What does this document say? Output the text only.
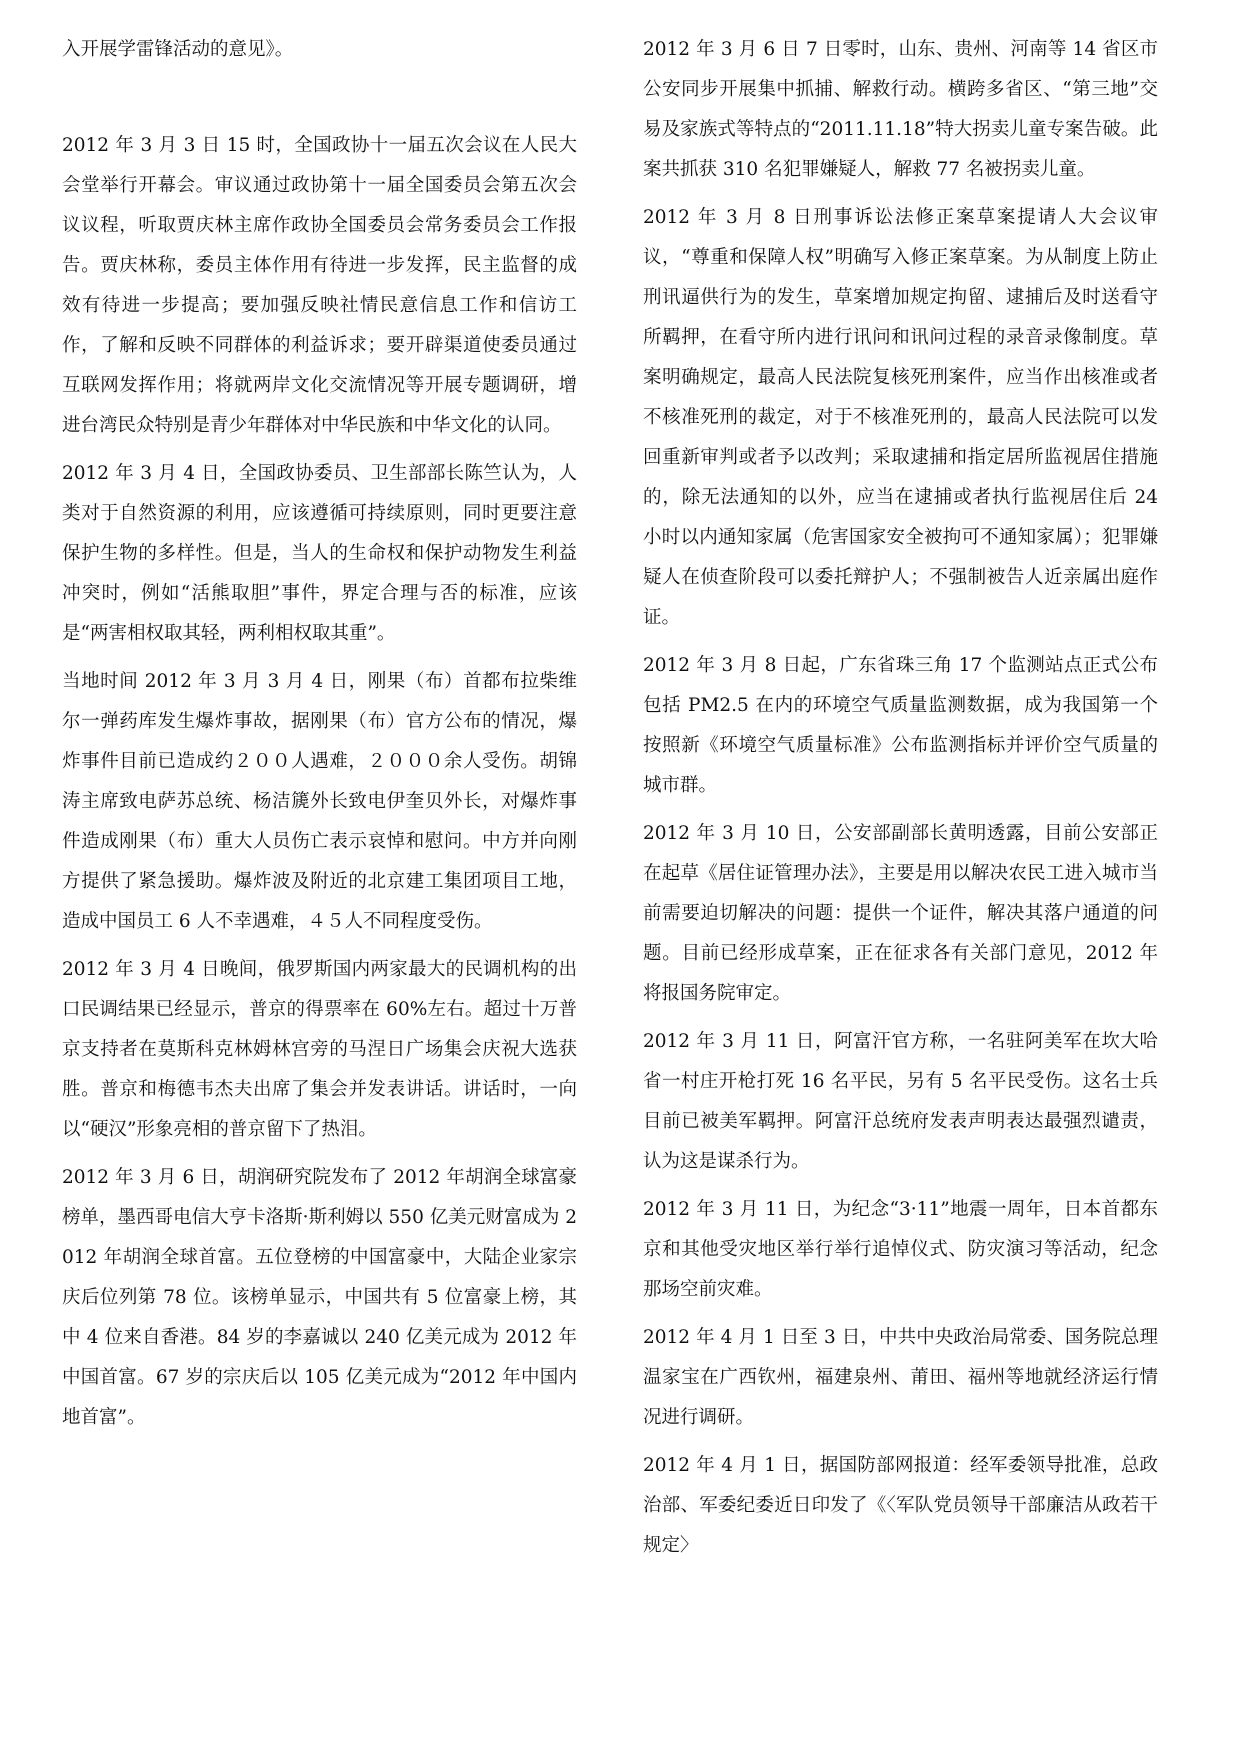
入开展学雷锋活动的意见》。

2012 年 3 月 3 日 15 时，全国政协十一届五次会议在人民大会堂举行开幕会。审议通过政协第十一届全国委员会第五次会议议程，听取贾庆林主席作政协全国委员会常务委员会工作报告。贾庆林称，委员主体作用有待进一步发挥，民主监督的成效有待进一步提高；要加强反映社情民意信息工作和信访工作，了解和反映不同群体的利益诉求；要开辟渠道使委员通过互联网发挥作用；将就两岸文化交流情况等开展专题调研，增进台湾民众特别是青少年群体对中华民族和中华文化的认同。

2012 年 3 月 4 日，全国政协委员、卫生部部长陈竺认为，人类对于自然资源的利用，应该遵循可持续原则，同时更要注意保护生物的多样性。但是，当人的生命权和保护动物发生利益冲突时，例如“活熊取胆”事件，界定合理与否的标准，应该是“两害相权取其轻，两利相权取其重”。

当地时间 2012 年 3 月 3 月 4 日，刚果（布）首都布拉柴维尔一弹药库发生爆炸事故，据刚果（布）官方公布的情况，爆炸事件目前已造成约２００人遇难，２０００余人受伤。胡锦涛主席致电萨苏总统、杨洁篪外长致电伊奎贝外长，对爆炸事件造成刚果（布）重大人员伤亡表示哀悼和慰问。中方并向刚方提供了紧急援助。爆炸波及附近的北京建工集团项目工地，造成中国员工 6 人不幸遇难，４５人不同程度受伤。

2012 年 3 月 4 日晚间，俄罗斯国内两家最大的民调机构的出口民调结果已经显示，普京的得票率在 60%左右。超过十万普京支持者在莫斯科克林姆林宫旁的马涅日广场集会庆祝大选获胜。普京和梅德韦杰夫出席了集会并发表讲话。讲话时，一向以“硬汉”形象亮相的普京留下了热泪。

2012 年 3 月 6 日，胡润研究院发布了 2012 年胡润全球富豪榜单，墨西哥电信大亨卡洛斯·斯利姆以 550 亿美元财富成为 2012 年胡润全球首富。五位登榜的中国富豪中，大陆企业家宗庆后位列第 78 位。该榜单显示，中国共有 5 位富豪上榜，其中 4 位来自香港。84 岁的李嘉诚以 240 亿美元成为 2012 年中国首富。67 岁的宗庆后以 105 亿美元成为“2012 年中国内地首富”。

2012 年 3 月 6 日 7 日零时，山东、贵州、河南等 14 省区市公安同步开展集中抓捕、解救行动。横跨多省区、“第三地”交易及家族式等特点的“2011.11.18”特大拐卖儿童专案告破。此案共抓获 310 名犯罪嫌疑人，解救 77 名被拐卖儿童。

2012 年 3 月 8 日刑事诉讼法修正案草案提请人大会议审议，“尊重和保障人权”明确写入修正案草案。为从制度上防止刑讯逼供行为的发生，草案增加规定拘留、逮捕后及时送看守所羁押，在看守所内进行讯问和讯问过程的录音录像制度。草案明确规定，最高人民法院复核死刑案件，应当作出核准或者不核准死刑的裁定，对于不核准死刑的，最高人民法院可以发回重新审判或者予以改判；采取逮捕和指定居所监视居住措施的，除无法通知的以外，应当在逮捕或者执行监视居住后 24 小时以内通知家属（危害国家安全被拘可不通知家属）；犯罪嫌疑人在侦查阶段可以委托辩护人；不强制被告人近亲属出庭作证。

2012 年 3 月 8 日起，广东省珠三角 17 个监测站点正式公布包括 PM2.5 在内的环境空气质量监测数据，成为我国第一个按照新《环境空气质量标准》公布监测指标并评价空气质量的城市群。

2012 年 3 月 10 日，公安部副部长黄明透露，目前公安部正在起草《居住证管理办法》，主要是用以解决农民工进入城市当前需要迫切解决的问题：提供一个证件，解决其落户通道的问题。目前已经形成草案，正在征求各有关部门意见，2012 年将报国务院审定。

2012 年 3 月 11 日，阿富汗官方称，一名驻阿美军在坎大哈省一村庄开枪打死 16 名平民，另有 5 名平民受伤。这名士兵目前已被美军羁押。阿富汗总统府发表声明表达最强烈谴责，认为这是谋杀行为。

2012 年 3 月 11 日，为纪念“3·11”地震一周年，日本首都东京和其他受灾地区举行举行追悼仪式、防灾演习等活动，纪念那场空前灾难。

2012 年 4 月 1 日至 3 日，中共中央政治局常委、国务院总理温家宝在广西钦州，福建泉州、莆田、福州等地就经济运行情况进行调研。

2012 年 4 月 1 日，据国防部网报道：经军委领导批准，总政治部、军委纪委近日印发了《〈军队党员领导干部廉洁从政若干规定〉
